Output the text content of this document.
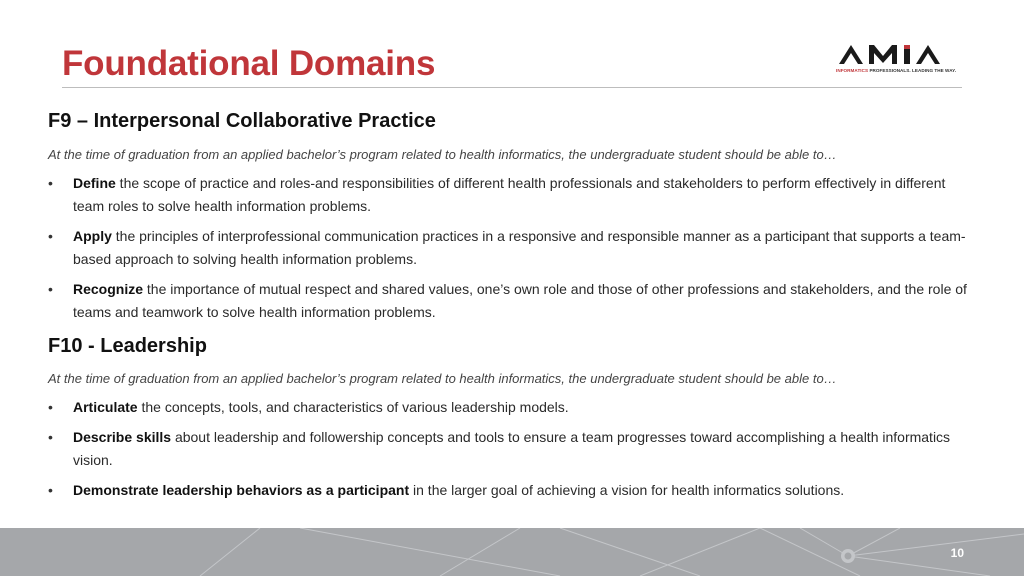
Foundational Domains	INFORMATICS PROFESSIONALS. LEADING THE WAY.
F9 – Interpersonal Collaborative Practice
At the time of graduation from an applied bachelor’s program related to health informatics, the undergraduate student should be able to…
• Define the scope of practice and roles-and responsibilities of different health professionals and stakeholders to perform effectively in different team roles to solve health information problems.
• Apply the principles of interprofessional communication practices in a responsive and responsible manner as a participant that supports a team-based approach to solving health information problems.
• Recognize the importance of mutual respect and shared values, one’s own role and those of other professions and stakeholders, and the role of teams and teamwork to solve health information problems.
F10 - Leadership
At the time of graduation from an applied bachelor’s program related to health informatics, the undergraduate student should be able to…
• Articulate the concepts, tools, and characteristics of various leadership models.
• Describe skills about leadership and followership concepts and tools to ensure a team progresses toward accomplishing a health informatics vision.
• Demonstrate leadership behaviors as a participant in the larger goal of achieving a vision for health informatics solutions.
10
